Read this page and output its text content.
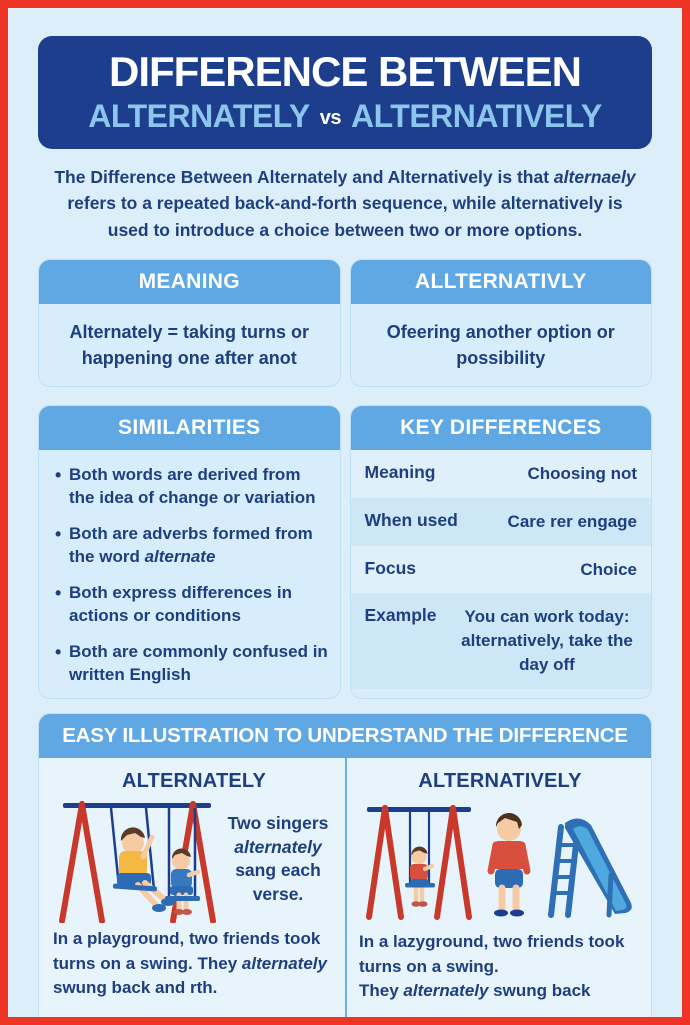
DIFFERENCE BETWEEN
ALTERNATELY vs ALTERNATIVELY
The Difference Between Alternately and Alternatively is that alternaely refers to a repeated back-and-forth sequence, while alternatively is used to introduce a choice between two or more options.
MEANING
Alternately = taking turns or happening one after anot
ALLTERNATIVLY
Ofeering another option or possibility
SIMILARITIES
• Both words are derived from the idea of change or variation
• Both are adverbs formed from the word alternate
• Both express differences in actions or conditions
• Both are commonly confused in written English
KEY DIFFERENCES
Meaning	Choosing not
When used	Care rer engage
Focus	Choice
Example	You can work today: alternatively, take the day off
EASY ILLUSTRATION TO UNDERSTAND THE DIFFERENCE
ALTERNATELY
Two singers alternately sang each verse.
In a playground, two friends took turns on a swing. They alternately swung back and rth.
ALTERNATIVELY
In a lazyground, two friends took turns on a swing.
They alternately swung back
